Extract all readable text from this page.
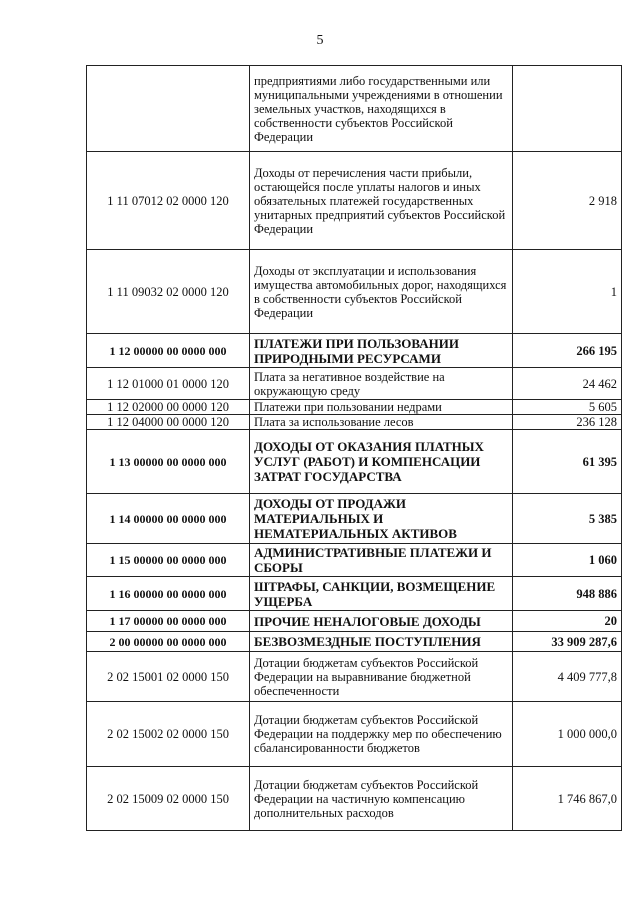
5
	предприятиями либо государственными или муниципальными учреждениями в отношении земельных участков, находящихся в собственности субъектов Российской Федерации	
1 11 07012 02 0000 120	Доходы от перечисления части прибыли, остающейся после уплаты налогов и иных обязательных платежей государственных унитарных предприятий субъектов Российской Федерации	2 918
1 11 09032 02 0000 120	Доходы от эксплуатации и использования имущества автомобильных дорог, находящихся в собственности субъектов Российской Федерации	1
1 12 00000 00 0000 000	ПЛАТЕЖИ ПРИ ПОЛЬЗОВАНИИ ПРИРОДНЫМИ РЕСУРСАМИ	266 195
1 12 01000 01 0000 120	Плата за негативное воздействие на окружающую среду	24 462
1 12 02000 00 0000 120	Платежи при пользовании недрами	5 605
1 12 04000 00 0000 120	Плата за использование лесов	236 128
1 13 00000 00 0000 000	ДОХОДЫ ОТ ОКАЗАНИЯ ПЛАТНЫХ УСЛУГ (РАБОТ) И КОМПЕНСАЦИИ ЗАТРАТ ГОСУДАРСТВА	61 395
1 14 00000 00 0000 000	ДОХОДЫ ОТ ПРОДАЖИ МАТЕРИАЛЬНЫХ И НЕМАТЕРИАЛЬНЫХ АКТИВОВ	5 385
1 15 00000 00 0000 000	АДМИНИСТРАТИВНЫЕ ПЛАТЕЖИ И СБОРЫ	1 060
1 16 00000 00 0000 000	ШТРАФЫ, САНКЦИИ, ВОЗМЕЩЕНИЕ УЩЕРБА	948 886
1 17 00000 00 0000 000	ПРОЧИЕ НЕНАЛОГОВЫЕ ДОХОДЫ	20
2 00 00000 00 0000 000	БЕЗВОЗМЕЗДНЫЕ ПОСТУПЛЕНИЯ	33 909 287,6
2 02 15001 02 0000 150	Дотации бюджетам субъектов Российской Федерации на выравнивание бюджетной обеспеченности	4 409 777,8
2 02 15002 02 0000 150	Дотации бюджетам субъектов Российской Федерации на поддержку мер по обеспечению сбалансированности бюджетов	1 000 000,0
2 02 15009 02 0000 150	Дотации бюджетам субъектов Российской Федерации на частичную компенсацию дополнительных расходов	1 746 867,0
